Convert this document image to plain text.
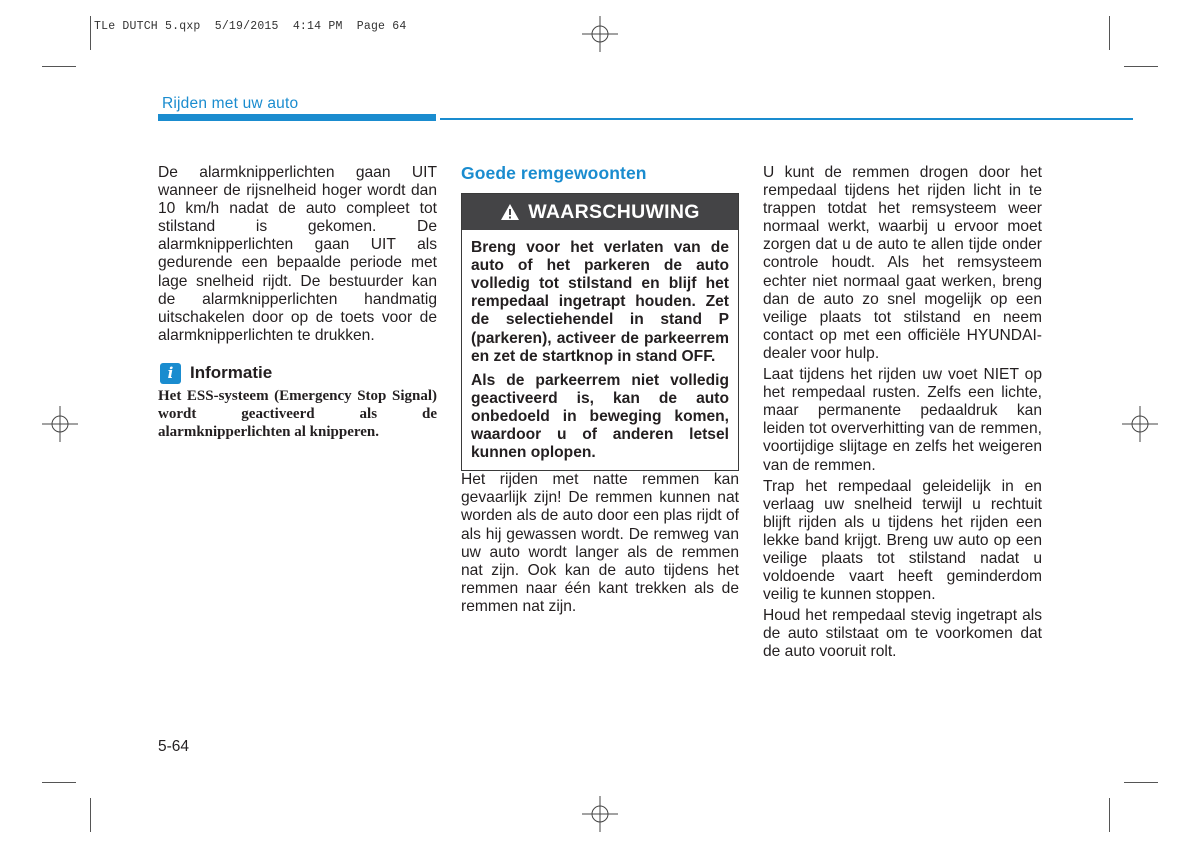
TLe DUTCH 5.qxp  5/19/2015  4:14 PM  Page 64
Rijden met uw auto

De alarmknipperlichten gaan UIT wanneer de rijsnelheid hoger wordt dan 10 km/h nadat de auto compleet tot stilstand is gekomen. De alarmknipperlichten gaan UIT als gedurende een bepaalde periode met lage snelheid rijdt. De bestuurder kan de alarmknipperlichten handmatig uitschakelen door op de toets voor de alarmknipperlichten te drukken.

i Informatie
Het ESS-systeem (Emergency Stop Signal) wordt geactiveerd als de alarmknipperlichten al knipperen.
Goede remgewoonten
WAARSCHUWING

Breng voor het verlaten van de auto of het parkeren de auto volledig tot stilstand en blijf het rempedaal ingetrapt houden. Zet de selectiehendel in stand P (parkeren), activeer de parkeerrem en zet de startknop in stand OFF.

Als de parkeerrem niet volledig geactiveerd is, kan de auto onbedoeld in beweging komen, waardoor u of anderen letsel kunnen oplopen.

Het rijden met natte remmen kan gevaarlijk zijn! De remmen kunnen nat worden als de auto door een plas rijdt of als hij gewassen wordt. De remweg van uw auto wordt langer als de remmen nat zijn. Ook kan de auto tijdens het remmen naar één kant trekken als de remmen nat zijn.

U kunt de remmen drogen door het rempedaal tijdens het rijden licht in te trappen totdat het remsysteem weer normaal werkt, waarbij u ervoor moet zorgen dat u de auto te allen tijde onder controle houdt. Als het remsysteem echter niet normaal gaat werken, breng dan de auto zo snel mogelijk op een veilige plaats tot stilstand en neem contact op met een officiële HYUNDAI-dealer voor hulp.

Laat tijdens het rijden uw voet NIET op het rempedaal rusten. Zelfs een lichte, maar permanente pedaaldruk kan leiden tot oververhitting van de remmen, voortijdige slijtage en zelfs het weigeren van de remmen.

Trap het rempedaal geleidelijk in en verlaag uw snelheid terwijl u rechtuit blijft rijden als u tijdens het rijden een lekke band krijgt. Breng uw auto op een veilige plaats tot stilstand nadat u voldoende vaart heeft geminderdom veilig te kunnen stoppen.

Houd het rempedaal stevig ingetrapt als de auto stilstaat om te voorkomen dat de auto vooruit rolt.

5-64
